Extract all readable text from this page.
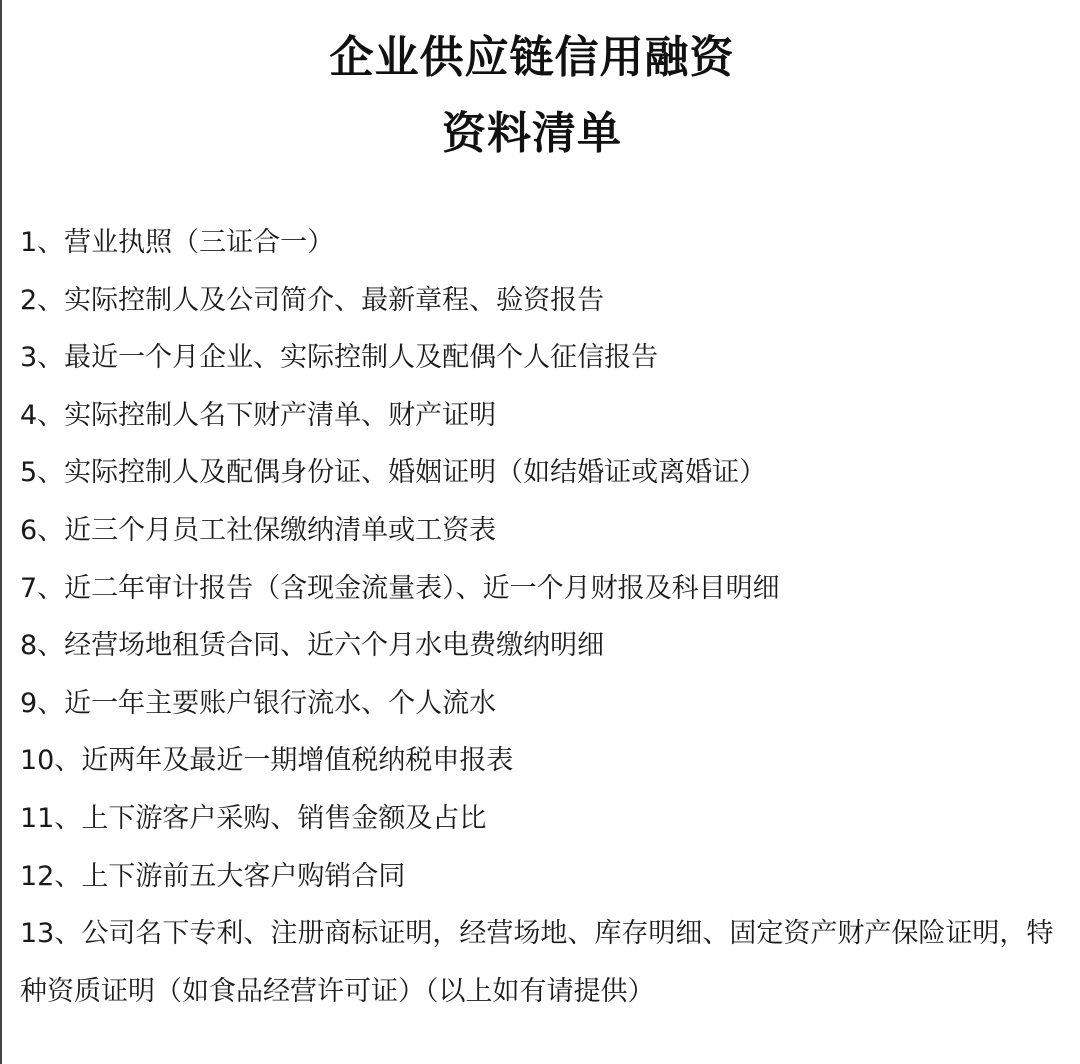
企业供应链信用融资
资料清单
1、营业执照（三证合一）
2、实际控制人及公司简介、最新章程、验资报告
3、最近一个月企业、实际控制人及配偶个人征信报告
4、实际控制人名下财产清单、财产证明
5、实际控制人及配偶身份证、婚姻证明（如结婚证或离婚证）
6、近三个月员工社保缴纳清单或工资表
7、近二年审计报告（含现金流量表）、近一个月财报及科目明细
8、经营场地租赁合同、近六个月水电费缴纳明细
9、近一年主要账户银行流水、个人流水
10、近两年及最近一期增值税纳税申报表
11、上下游客户采购、销售金额及占比
12、上下游前五大客户购销合同
13、公司名下专利、注册商标证明，经营场地、库存明细、固定资产财产保险证明，特种资质证明（如食品经营许可证）（以上如有请提供）
